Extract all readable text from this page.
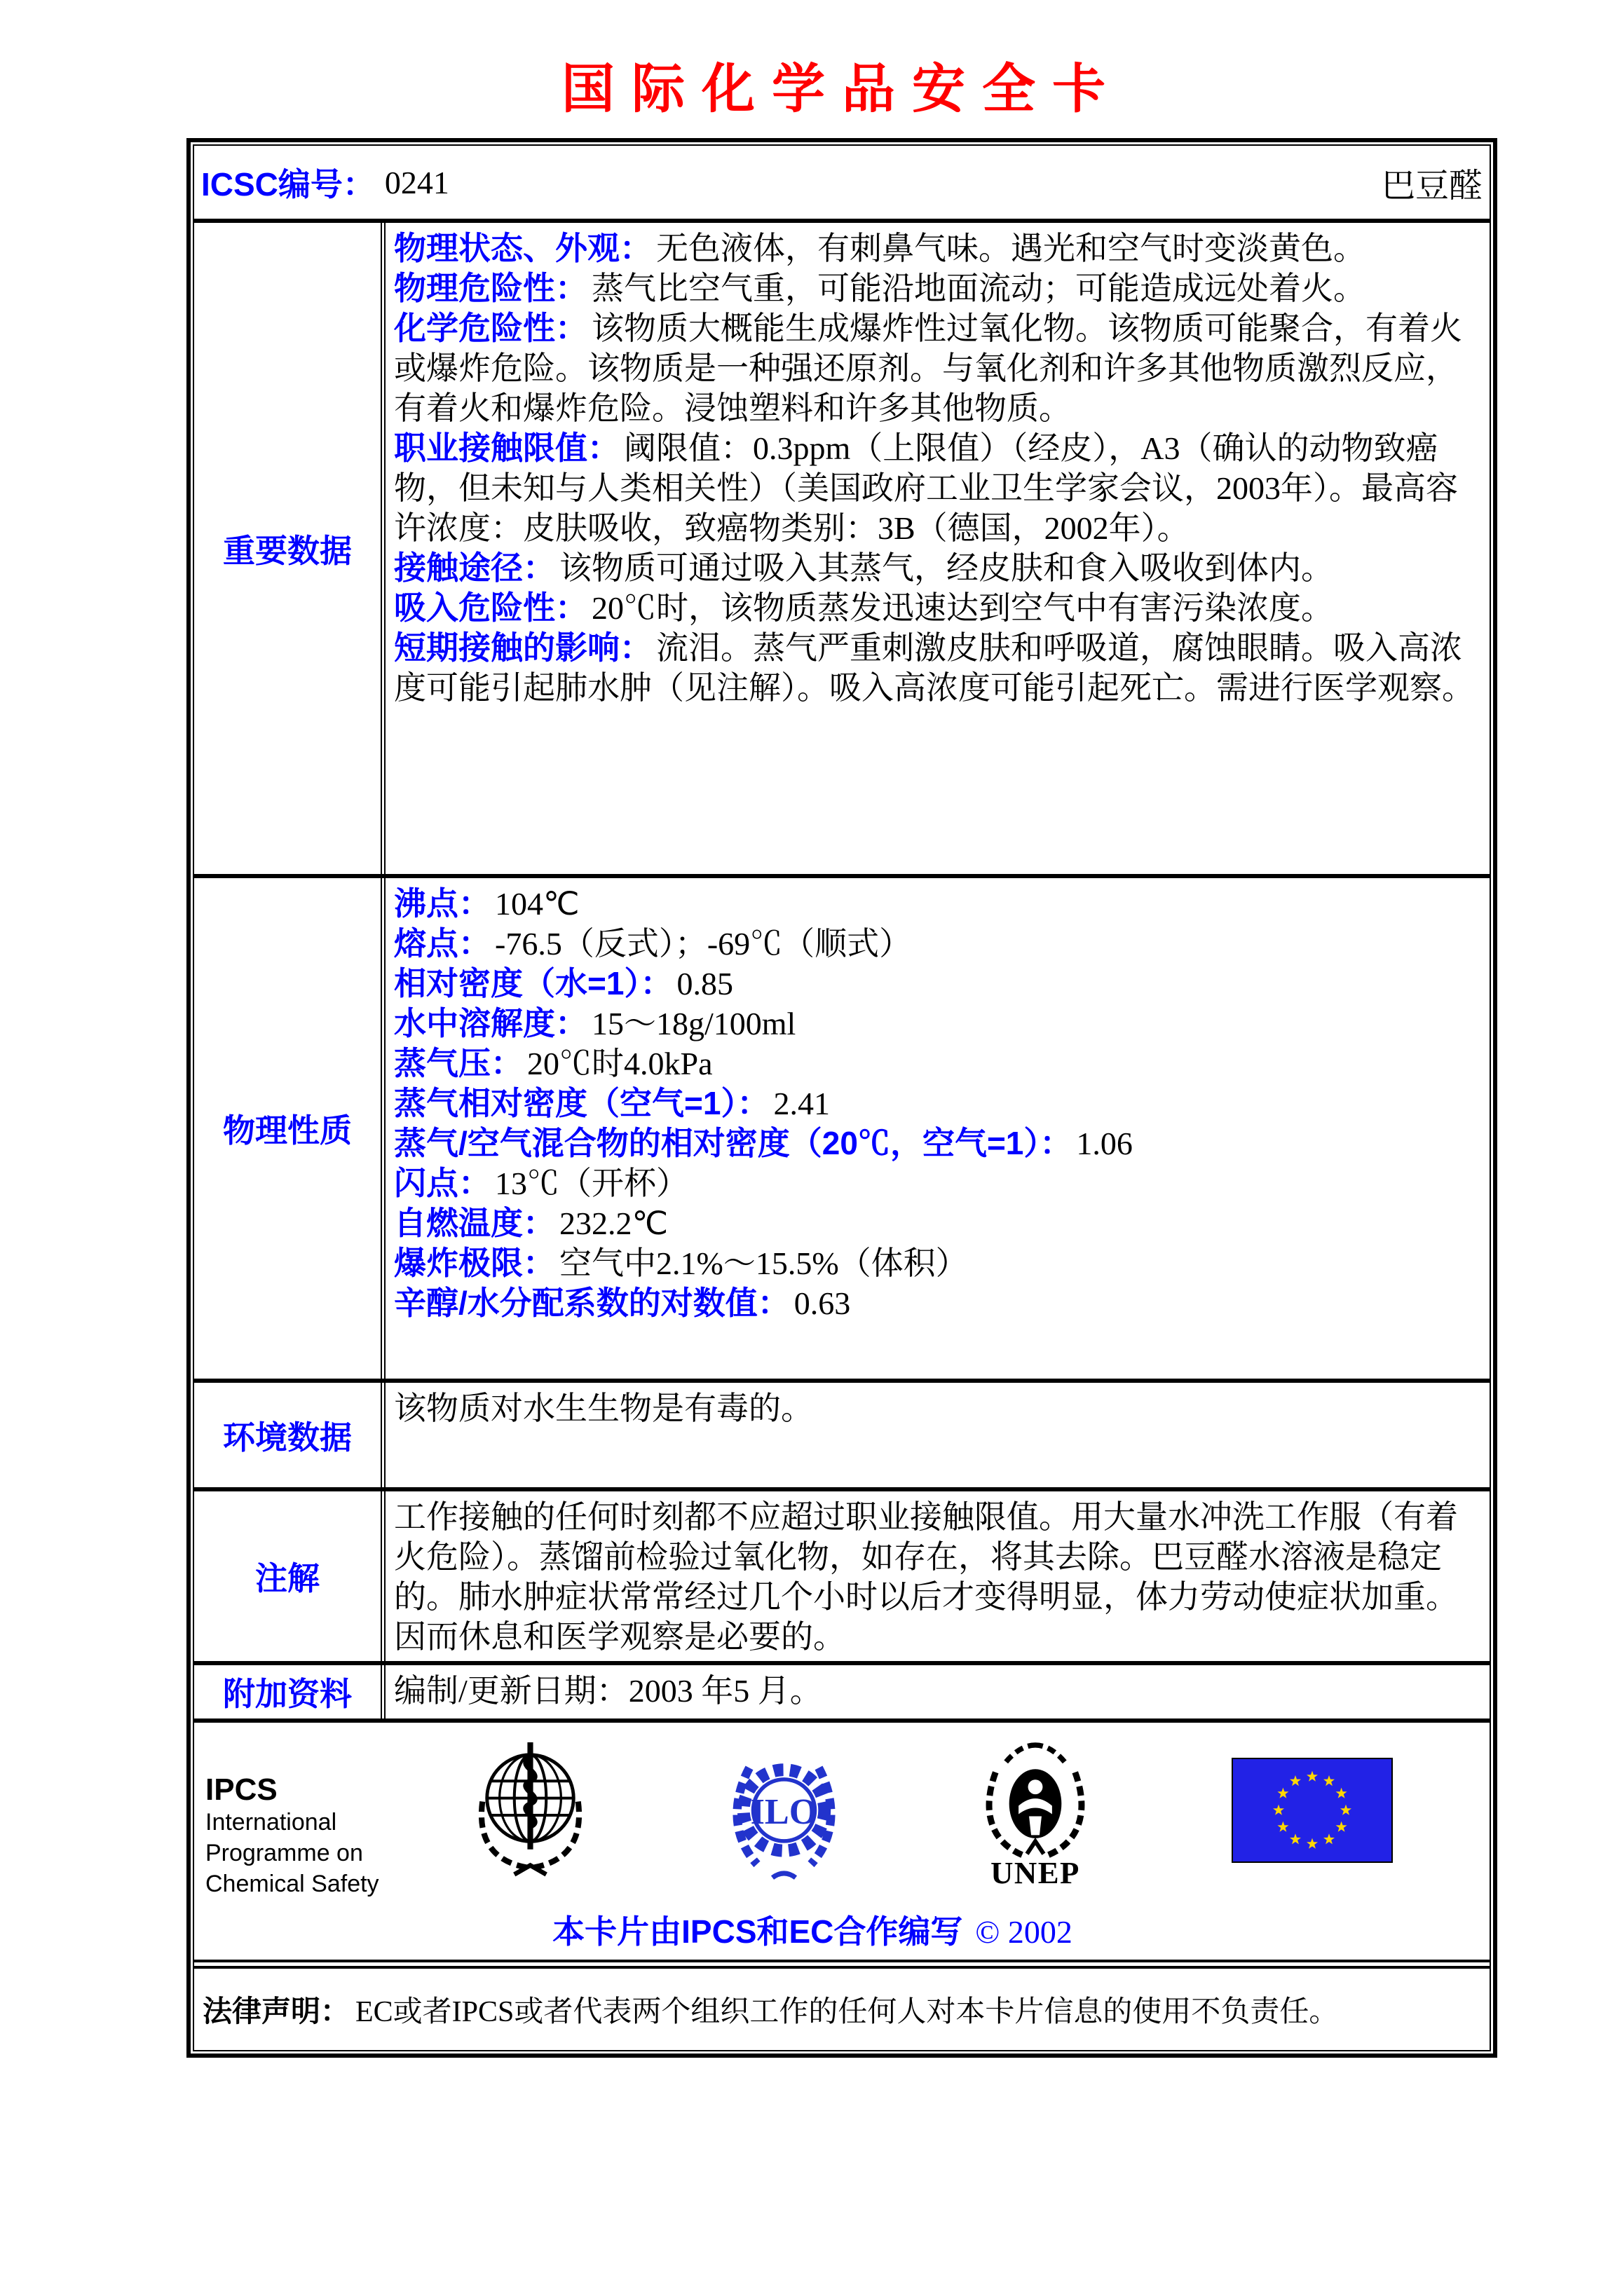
国际化学品安全卡
ICSC编号： 0241	巴豆醛
重要数据

物理状态、外观： 无色液体，有刺鼻气味。遇光和空气时变淡黄色。

物理危险性： 蒸气比空气重，可能沿地面流动；可能造成远处着火。

化学危险性： 该物质大概能生成爆炸性过氧化物。该物质可能聚合，有着火或爆炸危险。该物质是一种强还原剂。与氧化剂和许多其他物质激烈反应，有着火和爆炸危险。浸蚀塑料和许多其他物质。

职业接触限值： 阈限值：0.3ppm（上限值）（经皮），A3（确认的动物致癌物，但未知与人类相关性）（美国政府工业卫生学家会议，2003年）。最高容许浓度：皮肤吸收，致癌物类别：3B（德国，2002年）。

接触途径： 该物质可通过吸入其蒸气，经皮肤和食入吸收到体内。

吸入危险性： 20℃时，该物质蒸发迅速达到空气中有害污染浓度。

短期接触的影响： 流泪。蒸气严重刺激皮肤和呼吸道，腐蚀眼睛。吸入高浓度可能引起肺水肿（见注解）。吸入高浓度可能引起死亡。需进行医学观察。

物理性质

沸点： 104℃

熔点： -76.5（反式）；-69℃（顺式）

相对密度（水=1）： 0.85

水中溶解度： 15～18g/100ml

蒸气压： 20℃时4.0kPa

蒸气相对密度（空气=1）： 2.41

蒸气/空气混合物的相对密度（20℃，空气=1）： 1.06

闪点： 13℃（开杯）

自燃温度： 232.2℃

爆炸极限： 空气中2.1%～15.5%（体积）

辛醇/水分配系数的对数值： 0.63

环境数据

该物质对水生生物是有毒的。

注解

工作接触的任何时刻都不应超过职业接触限值。用大量水冲洗工作服（有着火危险）。蒸馏前检验过氧化物，如存在，将其去除。巴豆醛水溶液是稳定的。肺水肿症状常常经过几个小时以后才变得明显，体力劳动使症状加重。因而休息和医学观察是必要的。

附加资料	编制/更新日期：2003 年5 月。

IPCS
International
Programme on
Chemical Safety
ILO
UNEP
本卡片由IPCS和EC合作编写 © 2002
法律声明： EC或者IPCS或者代表两个组织工作的任何人对本卡片信息的使用不负责任。
